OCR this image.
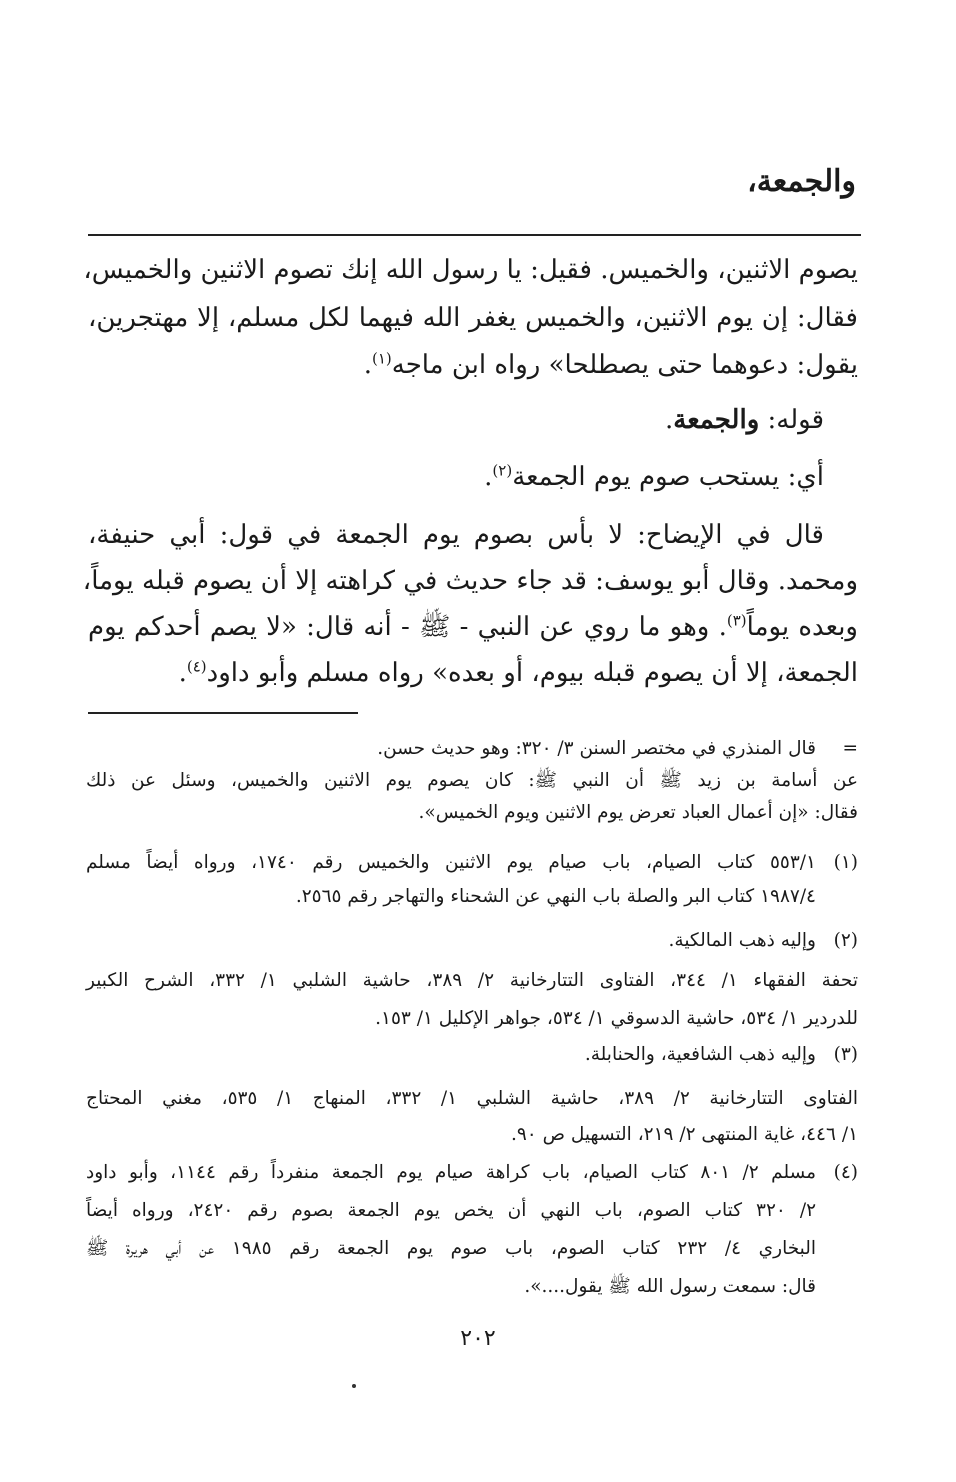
والجمعة،
يصوم الاثنين، والخميس. فقيل: يا رسول الله إنك تصوم الاثنين والخميس،
فقال: إن يوم الاثنين، والخميس يغفر الله فيهما لكل مسلم، إلا مهتجرين،
يقول: دعوهما حتى يصطلحا» رواه ابن ماجه$^{(١)}$.
قوله: والجمعة.
أي: يستحب صوم يوم الجمعة$^{(٢)}$.
قال في الإيضاح: لا بأس بصوم يوم الجمعة في قول: أبي حنيفة،
ومحمد. وقال أبو يوسف: قد جاء حديث في كراهته إلا أن يصوم قبله يوماً،
وبعده يوماً$^{(٣)}$. وهو ما روي عن النبي - ﷺ - أنه قال: «لا يصم أحدكم يوم
الجمعة، إلا أن يصوم قبله بيوم، أو بعده» رواه مسلم وأبو داود$^{(٤)}$.
=
قال المنذري في مختصر السنن ٣/ ٣٢٠: وهو حديث حسن.
عن أسامة بن زيد ﷺ أن النبي ﷺ: كان يصوم يوم الاثنين والخميس، وسئل عن ذلك
فقال: «إن أعمال العباد تعرض يوم الاثنين ويوم الخميس».
(١)
٥٥٣/١ كتاب الصيام، باب صيام يوم الاثنين والخميس رقم ١٧٤٠، ورواه أيضاً مسلم
١٩٨٧/٤ كتاب البر والصلة باب النهي عن الشحناء والتهاجر رقم ٢٥٦٥.
(٢)
وإليه ذهب المالكية.
تحفة الفقهاء ١/ ٣٤٤، الفتاوى التتارخانية ٢/ ٣٨٩، حاشية الشلبي ١/ ٣٣٢، الشرح الكبير
للدردير ١/ ٥٣٤، حاشية الدسوقي ١/ ٥٣٤، جواهر الإكليل ١/ ١٥٣.
(٣)
وإليه ذهب الشافعية، والحنابلة.
الفتاوى التتارخانية ٢/ ٣٨٩، حاشية الشلبي ١/ ٣٣٢، المنهاج ١/ ٥٣٥، مغني المحتاج
١/ ٤٤٦، غاية المنتهى ٢/ ٢١٩، التسهيل ص ٩٠.
(٤)
مسلم ٢/ ٨٠١ كتاب الصيام، باب كراهة صيام يوم الجمعة منفرداً رقم ١١٤٤، وأبو داود
٢/ ٣٢٠ كتاب الصوم، باب النهي أن يخص يوم الجمعة بصوم رقم ٢٤٢٠، ورواه أيضاً
البخاري ٤/ ٢٣٢ كتاب الصوم، باب صوم يوم الجمعة رقم ١٩٨٥ عن أبي هريرة ﷺ
قال: سمعت رسول الله ﷺ يقول....».
٢٠٢
